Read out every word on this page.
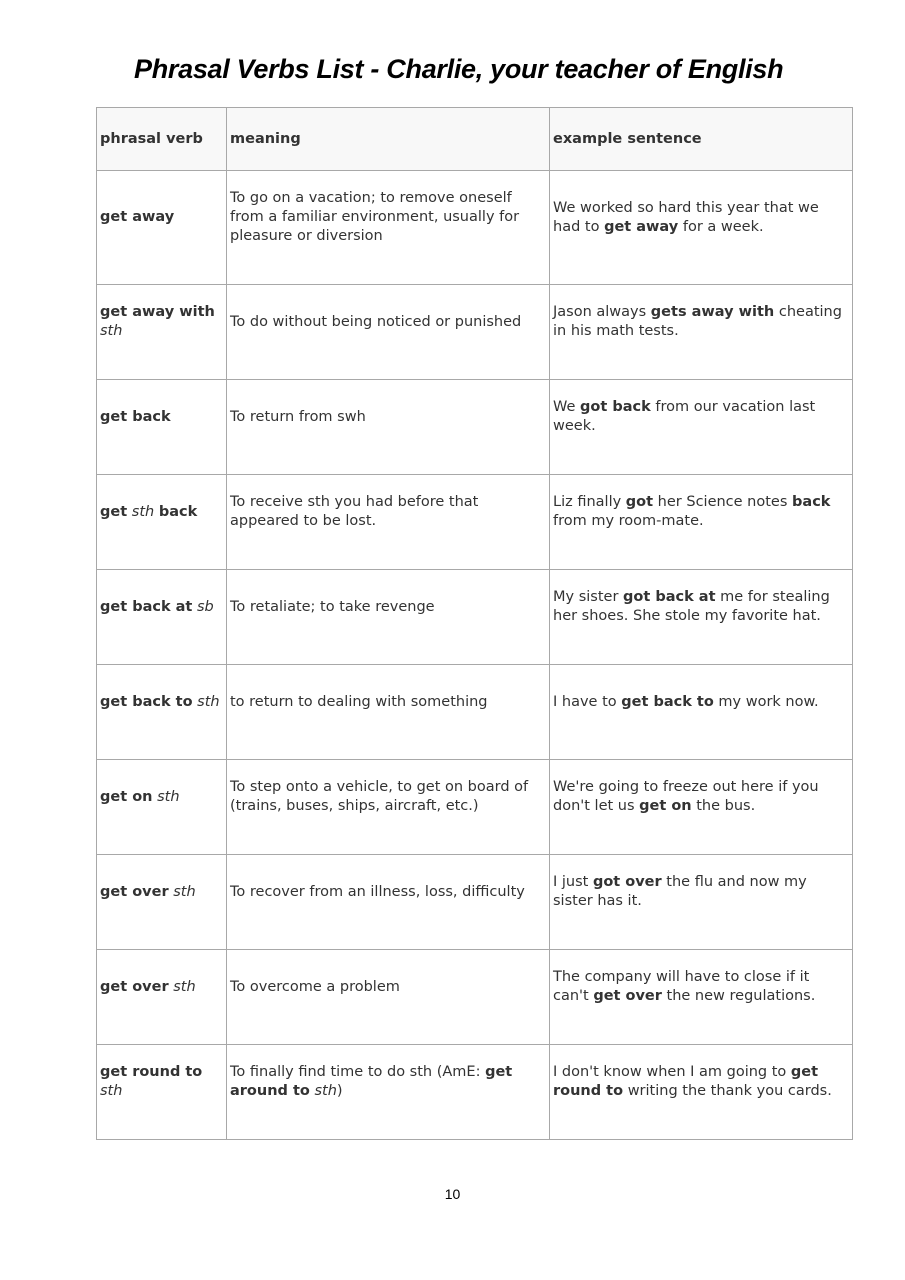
Phrasal Verbs List - Charlie, your teacher of English
phrasal verb	meaning	example sentence

get away	To go on a vacation; to remove oneself from a familiar environment, usually for pleasure or diversion	We worked so hard this year that we had to get away for a week.

get away with sth	To do without being noticed or punished	Jason always gets away with cheating in his math tests.

get back	To return from swh	We got back from our vacation last week.

get sth back	To receive sth you had before that appeared to be lost.	Liz finally got her Science notes back from my room-mate.

get back at sb	To retaliate; to take revenge	My sister got back at me for stealing her shoes. She stole my favorite hat.

get back to sth	to return to dealing with something	I have to get back to my work now.

get on sth	To step onto a vehicle, to get on board of (trains, buses, ships, aircraft, etc.)	We're going to freeze out here if you don't let us get on the bus.

get over sth	To recover from an illness, loss, difficulty	I just got over the flu and now my sister has it.

get over sth	To overcome a problem	The company will have to close if it can't get over the new regulations.

get round to sth	To finally find time to do sth (AmE: get around to sth)	I don't know when I am going to get round to writing the thank you cards.
10
